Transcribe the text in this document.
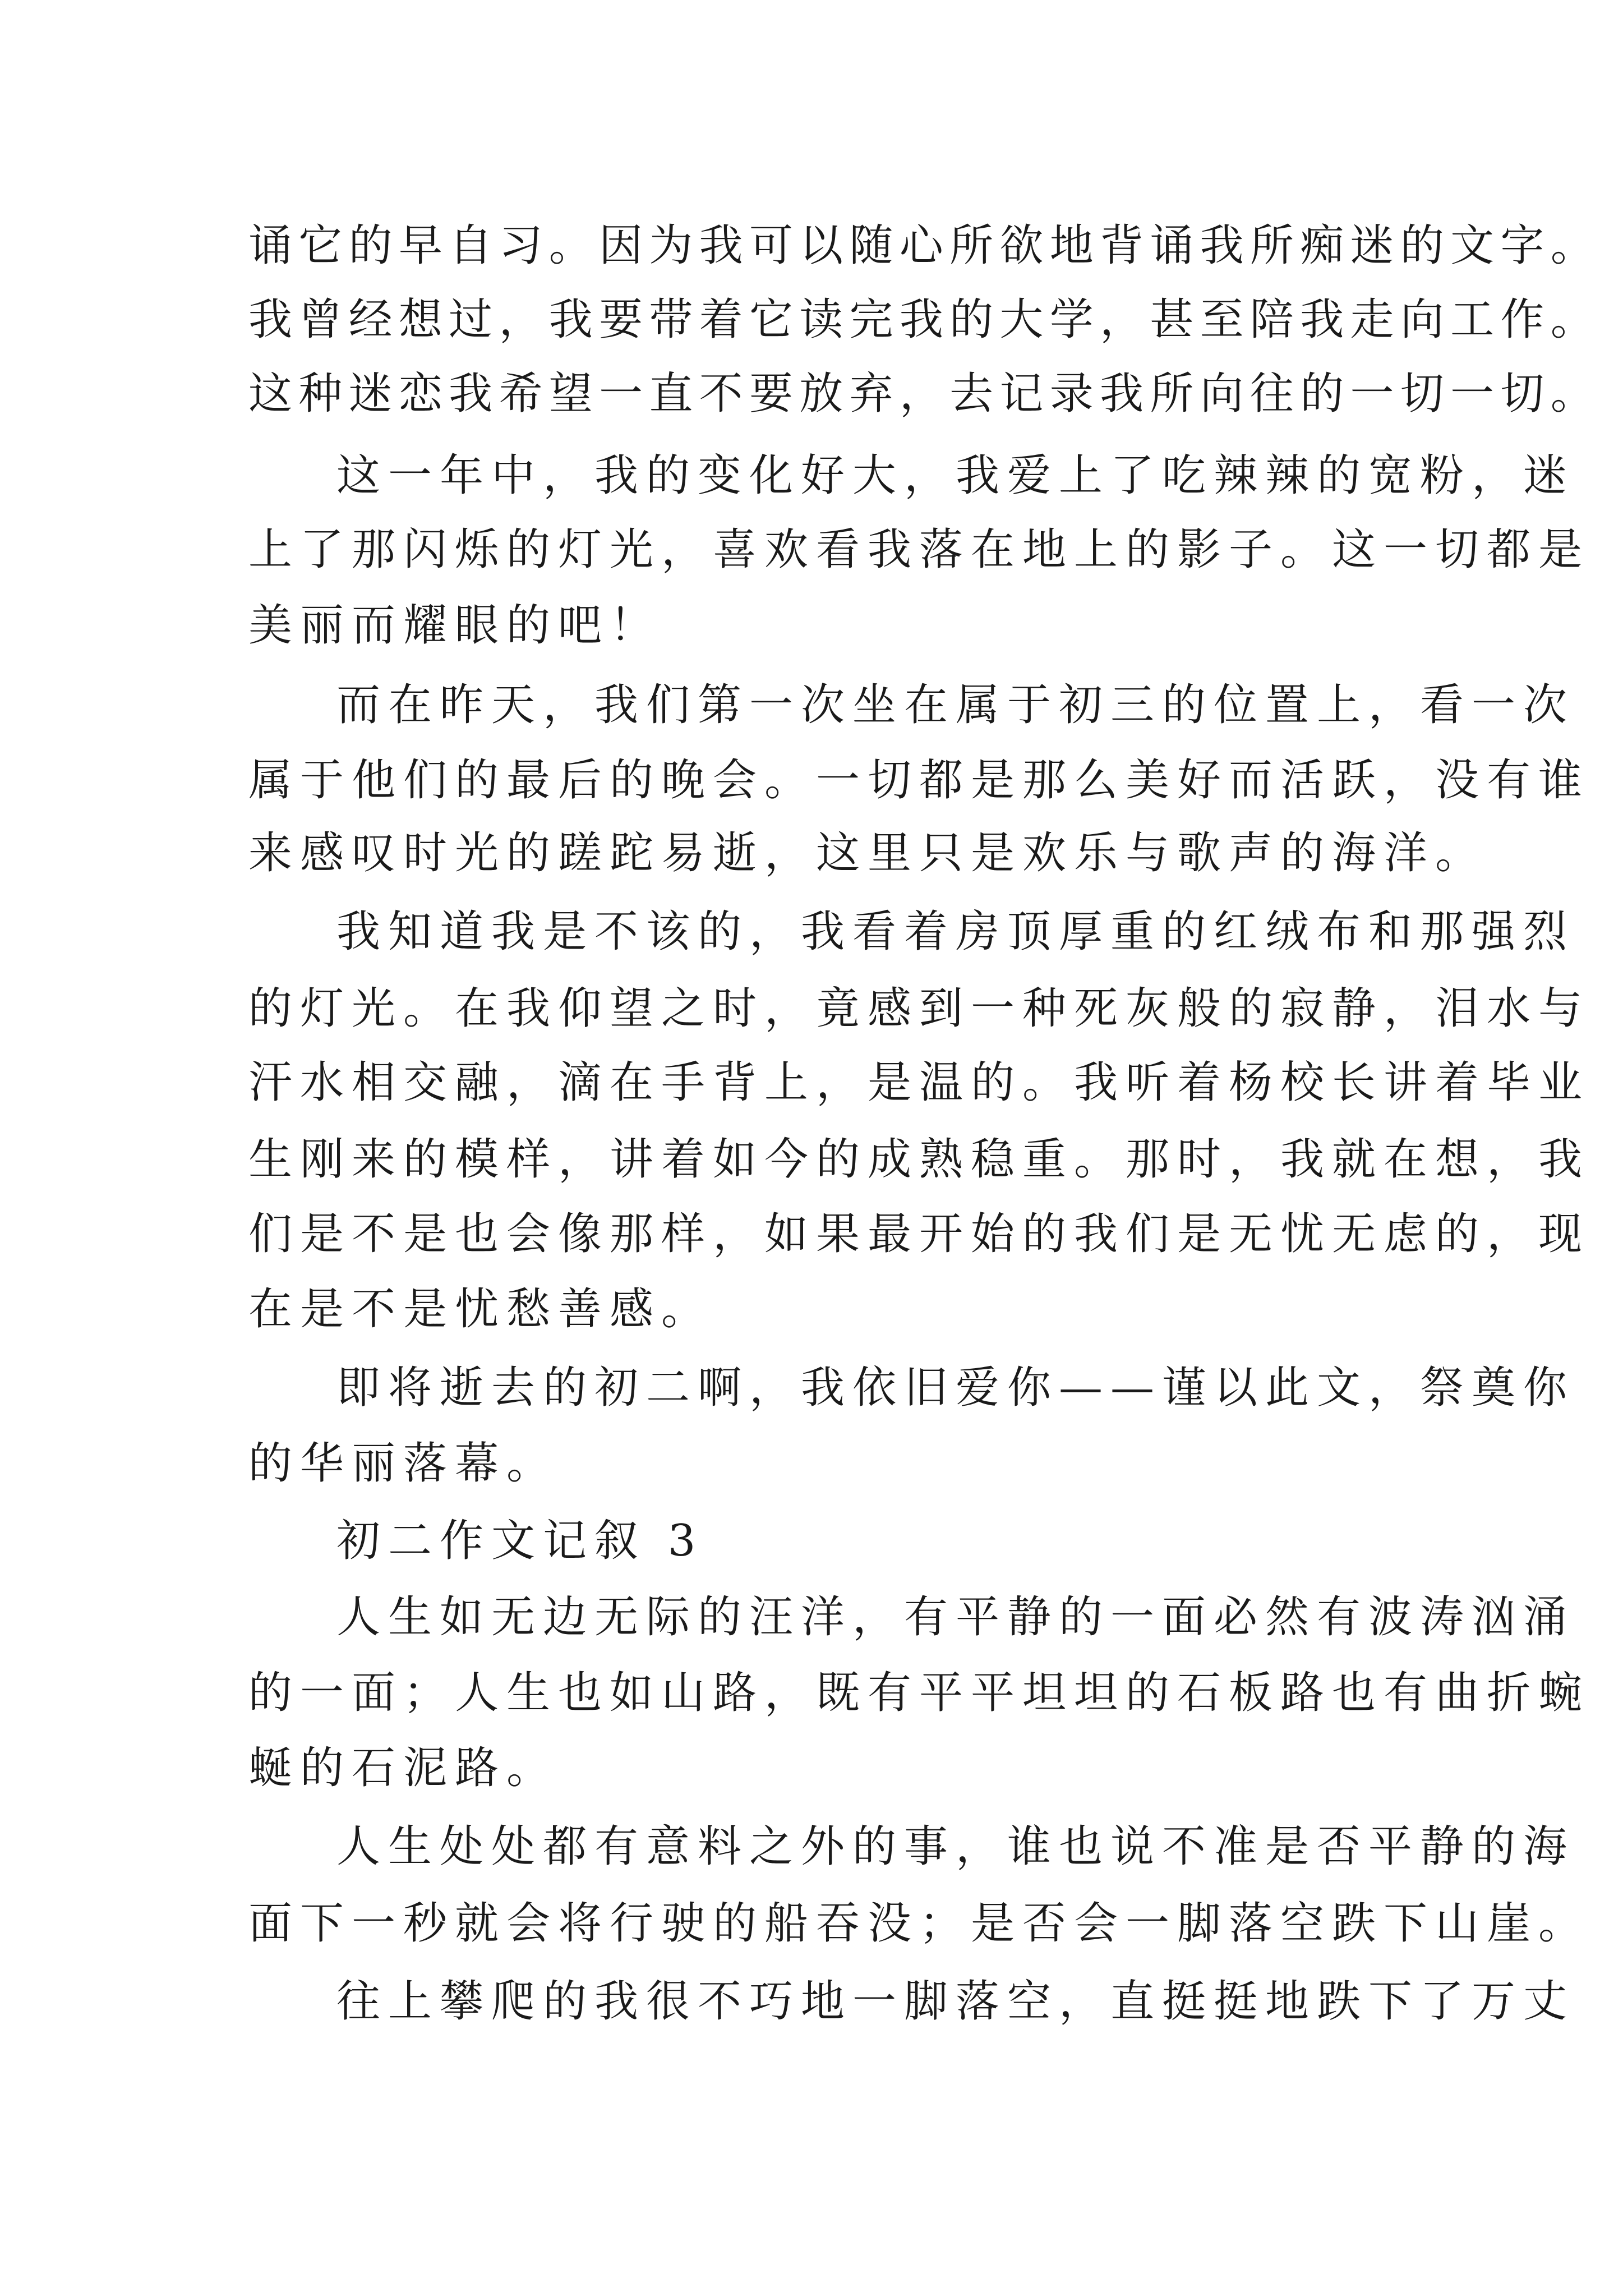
诵它的早自习。因为我可以随心所欲地背诵我所痴迷的文字。
我曾经想过，我要带着它读完我的大学，甚至陪我走向工作。
这种迷恋我希望一直不要放弃，去记录我所向往的一切一切。
这一年中，我的变化好大，我爱上了吃辣辣的宽粉，迷
上了那闪烁的灯光，喜欢看我落在地上的影子。这一切都是
美丽而耀眼的吧！
而在昨天，我们第一次坐在属于初三的位置上，看一次
属于他们的最后的晚会。一切都是那么美好而活跃，没有谁
来感叹时光的蹉跎易逝，这里只是欢乐与歌声的海洋。
我知道我是不该的，我看着房顶厚重的红绒布和那强烈
的灯光。在我仰望之时，竟感到一种死灰般的寂静，泪水与
汗水相交融，滴在手背上，是温的。我听着杨校长讲着毕业
生刚来的模样，讲着如今的成熟稳重。那时，我就在想，我
们是不是也会像那样，如果最开始的我们是无忧无虑的，现
在是不是忧愁善感。
即将逝去的初二啊，我依旧爱你——谨以此文，祭奠你
的华丽落幕。
初二作文记叙 3
人生如无边无际的汪洋，有平静的一面必然有波涛汹涌
的一面；人生也如山路，既有平平坦坦的石板路也有曲折蜿
蜒的石泥路。
人生处处都有意料之外的事，谁也说不准是否平静的海
面下一秒就会将行驶的船吞没；是否会一脚落空跌下山崖。
往上攀爬的我很不巧地一脚落空，直挺挺地跌下了万丈
